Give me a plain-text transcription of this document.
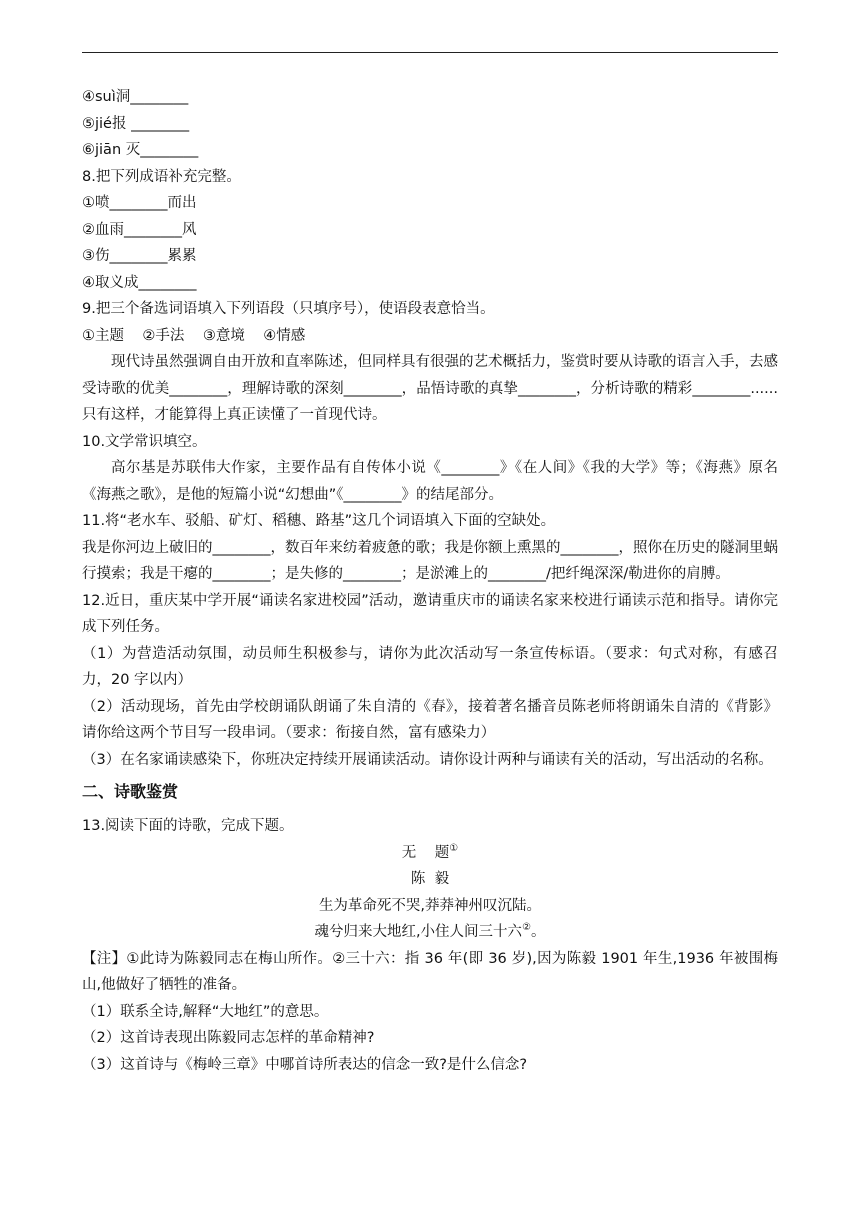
④suì洞________

⑤jié报 ________

⑥jiān 灭________

8.把下列成语补充完整。

①喷________而出

②血雨________风

③伤________累累

④取义成________

9.把三个备选词语填入下列语段（只填序号），使语段表意恰当。

①主题    ②手法    ③意境    ④情感

现代诗虽然强调自由开放和直率陈述，但同样具有很强的艺术概括力，鉴赏时要从诗歌的语言入手，去感受诗歌的优美________，理解诗歌的深刻________，品悟诗歌的真挚________，分析诗歌的精彩________......只有这样，才能算得上真正读懂了一首现代诗。

10.文学常识填空。

高尔基是苏联伟大作家，主要作品有自传体小说《________》《在人间》《我的大学》等；《海燕》原名《海燕之歌》，是他的短篇小说“幻想曲”《________》的结尾部分。

11.将“老水车、驳船、矿灯、稻穗、路基”这几个词语填入下面的空缺处。

我是你河边上破旧的________，数百年来纺着疲惫的歌；我是你额上熏黑的________，照你在历史的隧洞里蜗行摸索；我是干瘪的________；是失修的________；是淤滩上的________/把纤绳深深/勒进你的肩膊。

12.近日，重庆某中学开展“诵读名家进校园”活动，邀请重庆市的诵读名家来校进行诵读示范和指导。请你完成下列任务。

（1）为营造活动氛围，动员师生积极参与，请你为此次活动写一条宣传标语。（要求：句式对称，有感召力，20 字以内）

（2）活动现场，首先由学校朗诵队朗诵了朱自清的《春》，接着著名播音员陈老师将朗诵朱自清的《背影》请你给这两个节目写一段串词。（要求：衔接自然，富有感染力）

（3）在名家诵读感染下，你班决定持续开展诵读活动。请你设计两种与诵读有关的活动，写出活动的名称。

二、诗歌鉴赏

13.阅读下面的诗歌，完成下题。

无    题①

陈  毅

生为革命死不哭,莽莽神州叹沉陆。

魂兮归来大地红,小住人间三十六②。

【注】①此诗为陈毅同志在梅山所作。②三十六：指 36 年(即 36 岁),因为陈毅 1901 年生,1936 年被围梅山,他做好了牺牲的准备。

（1）联系全诗,解释“大地红”的意思。

（2）这首诗表现出陈毅同志怎样的革命精神?

（3）这首诗与《梅岭三章》中哪首诗所表达的信念一致?是什么信念?
